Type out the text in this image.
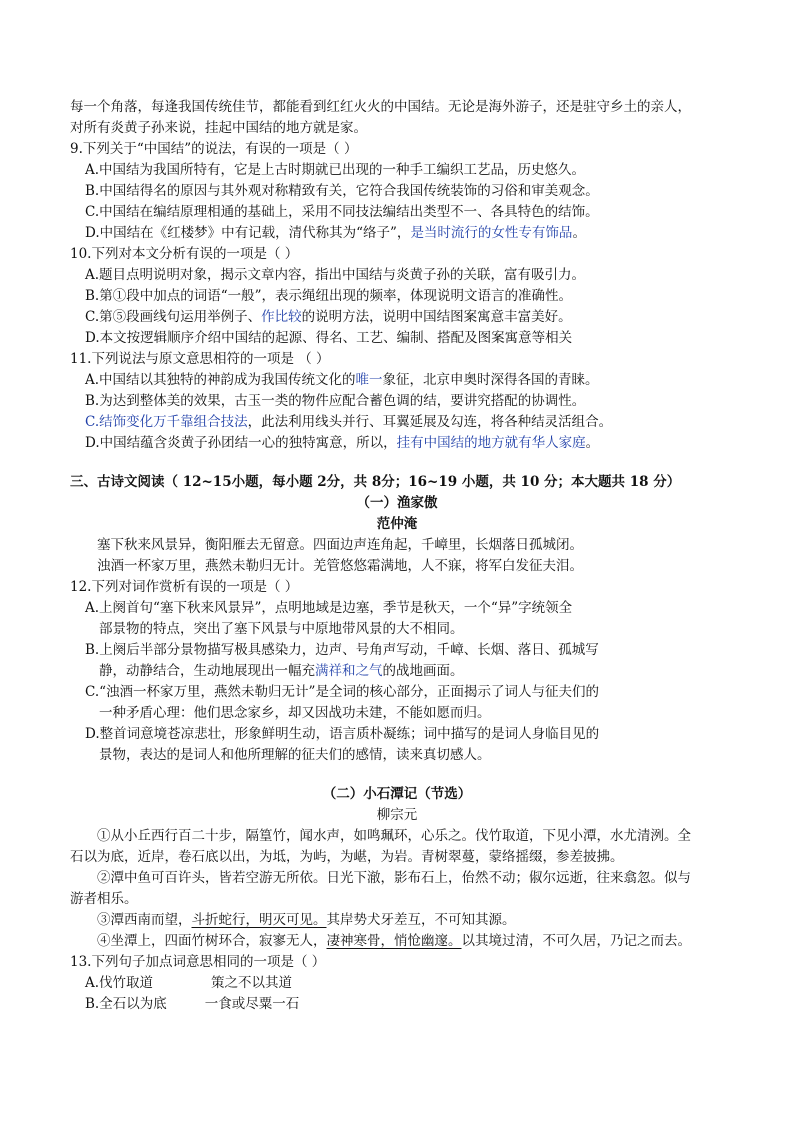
每一个角落，每逢我国传统佳节，都能看到红红火火的中国结。无论是海外游子，还是驻守乡土的亲人，
对所有炎黄子孙来说，挂起中国结的地方就是家。
9.下列关于“中国结”的说法，有误的一项是（ ）
A.中国结为我国所特有，它是上古时期就已出现的一种手工编织工艺品，历史悠久。
B.中国结得名的原因与其外观对称精致有关，它符合我国传统装饰的习俗和审美观念。
C.中国结在编结原理相通的基础上，采用不同技法编结出类型不一、各具特色的结饰。
D.中国结在《红楼梦》中有记载，清代称其为“络子”，是当时流行的女性专有饰品。
10.下列对本文分析有误的一项是（ ）
A.题目点明说明对象，揭示文章内容，指出中国结与炎黄子孙的关联，富有吸引力。
B.第①段中加点的词语“一般”，表示绳纽出现的频率，体现说明文语言的准确性。
C.第⑤段画线句运用举例子、作比较的说明方法，说明中国结图案寓意丰富美好。
D.本文按逻辑顺序介绍中国结的起源、得名、工艺、编制、搭配及图案寓意等相关
11.下列说法与原文意思相符的一项是 （ ）
A.中国结以其独特的神韵成为我国传统文化的唯一象征，北京申奥时深得各国的青睐。
B.为达到整体美的效果，古玉一类的物件应配合蓄色调的结，要讲究搭配的协调性。
C.结饰变化万千靠组合技法，此法利用线头并行、耳翼延展及勾连，将各种结灵活组合。
D.中国结蕴含炎黄子孙团结一心的独特寓意，所以，挂有中国结的地方就有华人家庭。
三、古诗文阅读（ 12~15小题，每小题 2分，共 8分；16~19 小题，共 10 分；本大题共 18 分）
（一）渔家傲
范仲淹
塞下秋来风景异，衡阳雁去无留意。四面边声连角起，千嶂里，长烟落日孤城闭。
浊酒一杯家万里，燕然未勒归无计。羌管悠悠霜满地，人不寐，将军白发征夫泪。
12.下列对词作赏析有误的一项是（ ）
A.上阕首句“塞下秋来风景异”，点明地域是边塞，季节是秋天，一个“异”字统领全
部景物的特点，突出了塞下风景与中原地带风景的大不相同。
B.上阕后半部分景物描写极具感染力，边声、号角声写动，千嶂、长烟、落日、孤城写
静，动静结合，生动地展现出一幅充满祥和之气的战地画面。
C.“浊酒一杯家万里，燕然未勒归无计”是全词的核心部分，正面揭示了词人与征夫们的
一种矛盾心理：他们思念家乡，却又因战功未建，不能如愿而归。
D.整首词意境苍凉悲壮，形象鲜明生动，语言质朴凝练；词中描写的是词人身临目见的
景物，表达的是词人和他所理解的征夫们的感情，读来真切感人。
（二）小石潭记（节选）
柳宗元
①从小丘西行百二十步，隔篁竹，闻水声，如鸣珮环，心乐之。伐竹取道，下见小潭，水尤清洌。全
石以为底，近岸，卷石底以出，为坻，为屿，为嵁，为岩。青树翠蔓，蒙络摇缀，参差披拂。
②潭中鱼可百许头，皆若空游无所依。日光下澈，影布石上，佁然不动；俶尔远逝，往来翕忽。似与
游者相乐。
③潭西南而望，斗折蛇行，明灭可见。其岸势犬牙差互，不可知其源。
④坐潭上，四面竹树环合，寂寥无人，凄神寒骨，悄怆幽邃。以其境过清，不可久居，乃记之而去。
13.下列句子加点词意思相同的一项是（ ）
A.伐竹取道	策之不以其道
B.全石以为底	一食或尽粟一石
